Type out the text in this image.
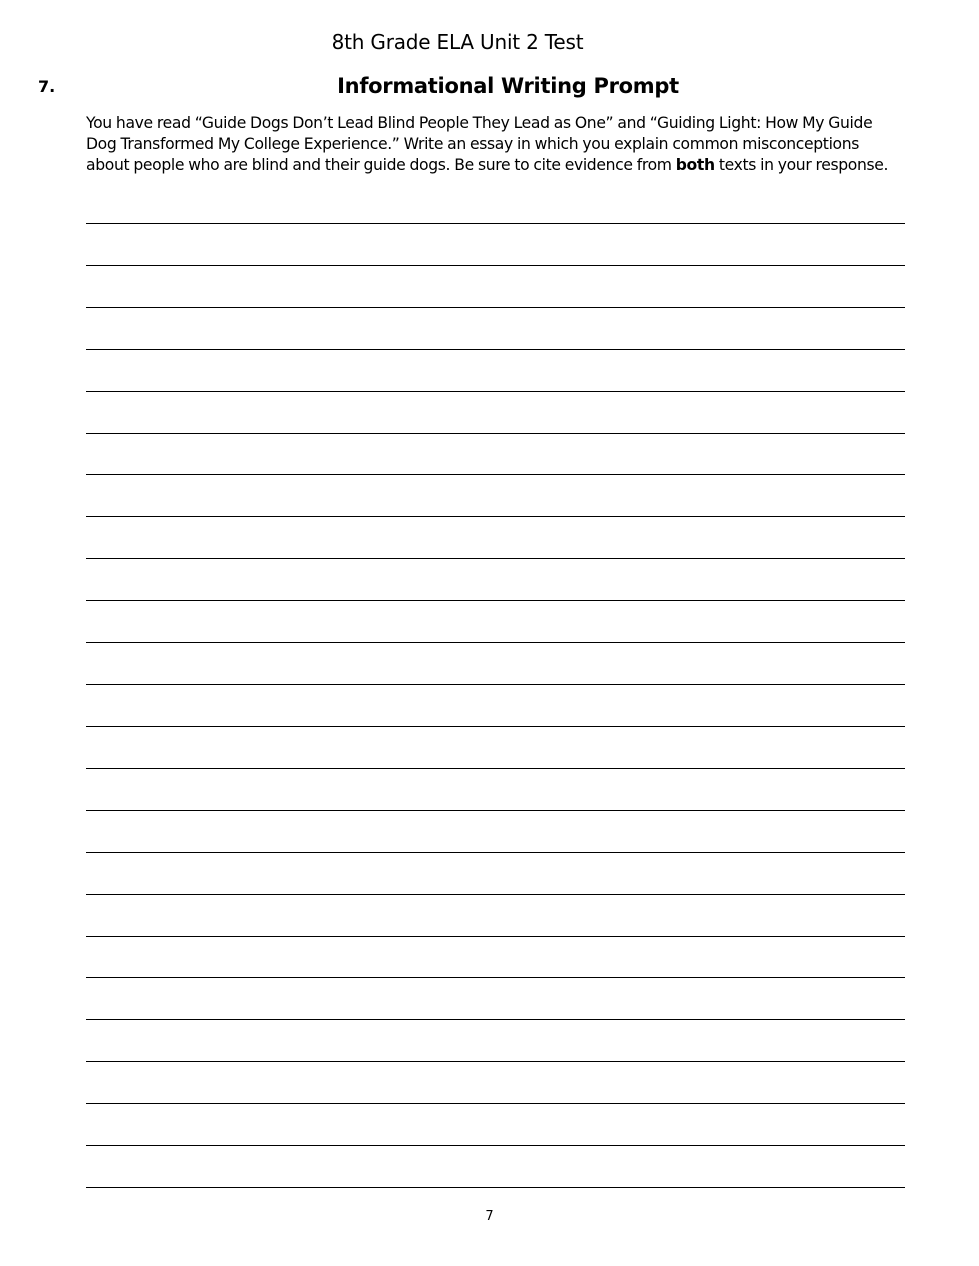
8th Grade ELA Unit 2 Test
7.	Informational Writing Prompt
You have read “Guide Dogs Don’t Lead Blind People They Lead as One” and “Guiding Light: How My Guide
Dog Transformed My College Experience.” Write an essay in which you explain common misconceptions
about people who are blind and their guide dogs. Be sure to cite evidence from both texts in your response.
7
